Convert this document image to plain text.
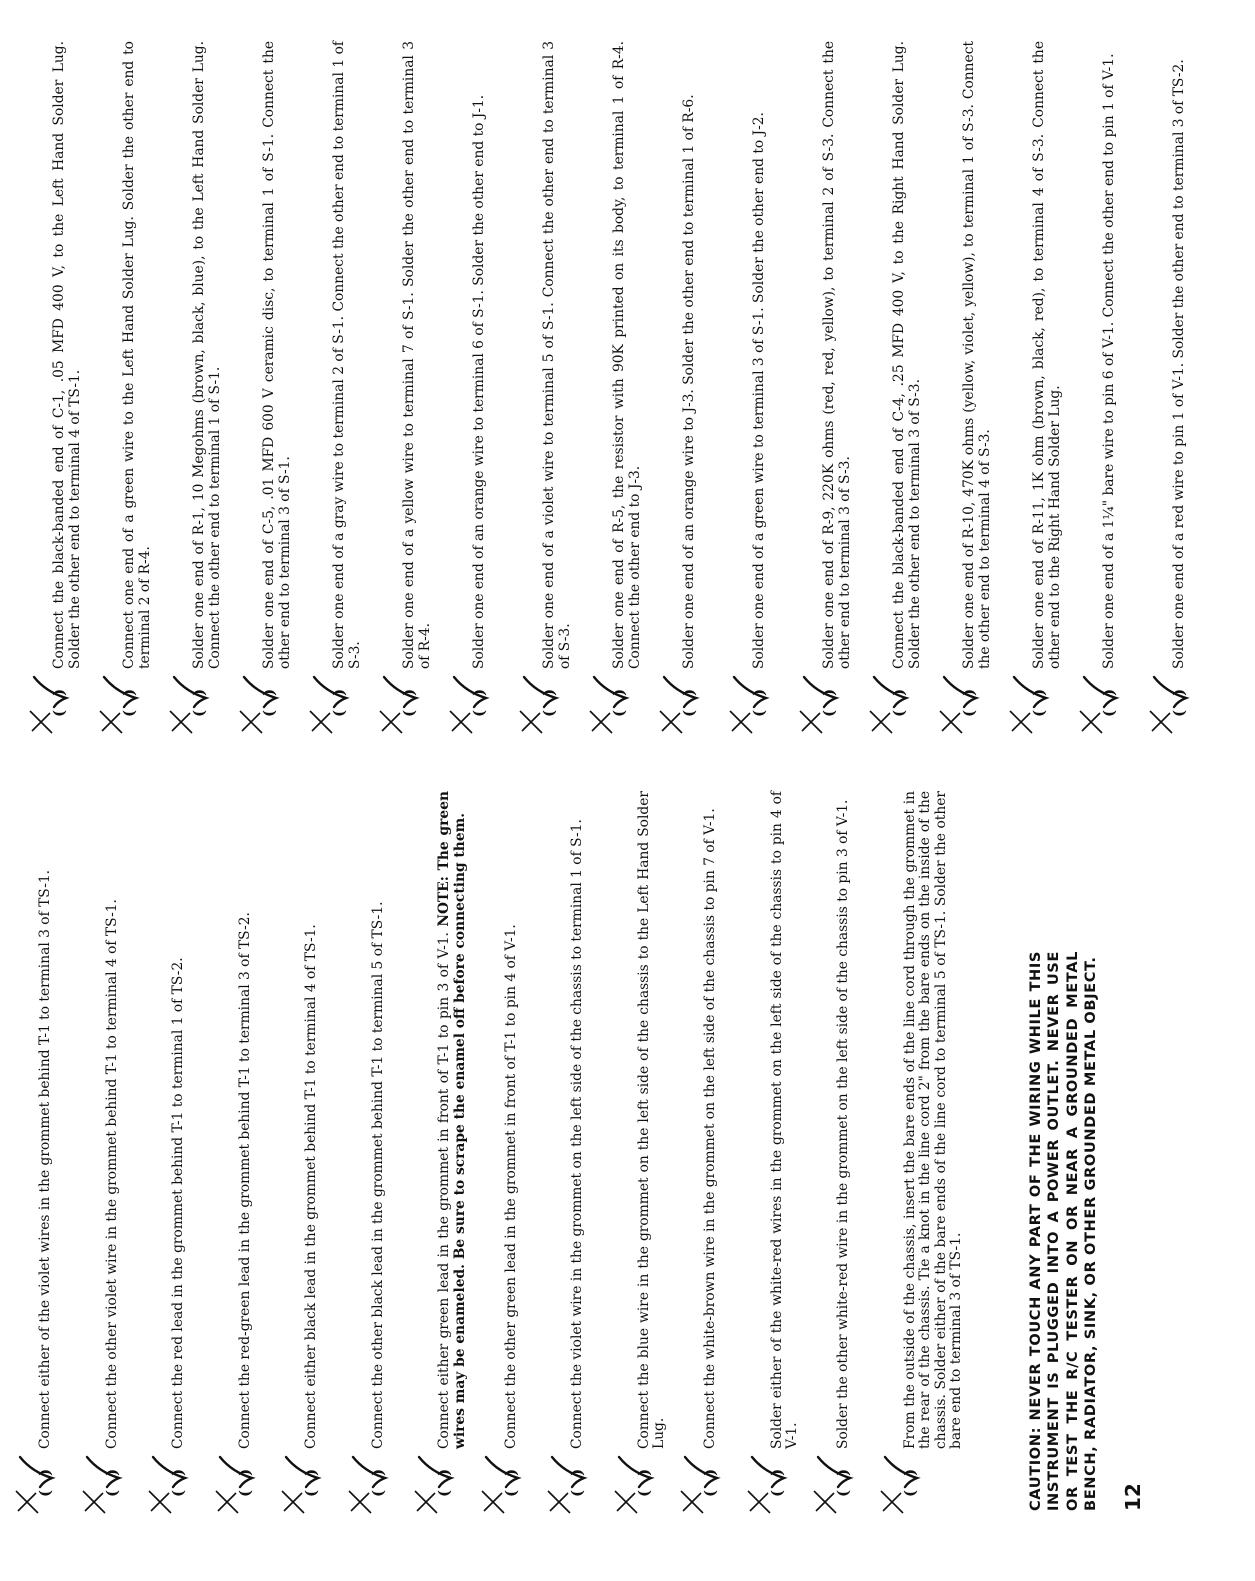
()
Connect either of the violet wires in the grommet behind T-1 to terminal 3 of TS-1.
()
Connect the other violet wire in the grommet behind T-1 to terminal 4 of TS-1.
()
Connect the red lead in the grommet behind T-1 to terminal 1 of TS-2.
()
Connect the red-green lead in the grommet behind T-1 to terminal 3 of TS-2.
()
Connect either black lead in the grommet behind T-1 to terminal 4 of TS-1.
()
Connect the other black lead in the grommet behind T-1 to terminal 5 of TS-1.
()
Connect either green lead in the grommet in front of T-1 to pin 3 of V-1. NOTE: The green wires may be enameled. Be sure to scrape the enamel off before connecting them.
()
Connect the other green lead in the grommet in front of T-1 to pin 4 of V-1.
()
Connect the violet wire in the grommet on the left side of the chassis to terminal 1 of S-1.
()
Connect the blue wire in the grommet on the left side of the chassis to the Left Hand Solder Lug.
()
Connect the white-brown wire in the grommet on the left side of the chassis to pin 7 of V-1.
()
Solder either of the white-red wires in the grommet on the left side of the chassis to pin 4 of V-1.
()
Solder the other white-red wire in the grommet on the left side of the chassis to pin 3 of V-1.
()
From the outside of the chassis, insert the bare ends of the line cord through the grommet in the rear of the chassis. Tie a knot in the line cord 2" from the bare ends on the inside of the chassis. Solder either of the bare ends of the line cord to terminal 5 of TS-1. Solder the other bare end to terminal 3 of TS-1.	CAUTION: NEVER TOUCH ANY PART OF THE WIRING WHILE THIS INSTRUMENT IS PLUGGED INTO A POWER OUTLET. NEVER USE OR TEST THE R/C TESTER ON OR NEAR A GROUNDED METAL BENCH, RADIATOR, SINK, OR OTHER GROUNDED METAL OBJECT. 12
()
Connect the black-banded end of C-1, .05 MFD 400 V, to the Left Hand Solder Lug. Solder the other end to terminal 4 of TS-1.
()
Connect one end of a green wire to the Left Hand Solder Lug. Solder the other end to terminal 2 of R-4.
()
Solder one end of R-1, 10 Megohms (brown, black, blue), to the Left Hand Solder Lug. Connect the other end to terminal 1 of S-1.
()
Solder one end of C-5, .01 MFD 600 V ceramic disc, to terminal 1 of S-1. Connect the other end to terminal 3 of S-1.
()
Solder one end of a gray wire to terminal 2 of S-1. Connect the other end to terminal 1 of S-3.
()
Solder one end of a yellow wire to terminal 7 of S-1. Solder the other end to terminal 3 of R-4.
()
Solder one end of an orange wire to terminal 6 of S-1. Solder the other end to J-1.
()
Solder one end of a violet wire to terminal 5 of S-1. Connect the other end to terminal 3 of S-3.
()
Solder one end of R-5, the resistor with 90K printed on its body, to terminal 1 of R-4. Connect the other end to J-3.
()
Solder one end of an orange wire to J-3. Solder the other end to terminal 1 of R-6.
()
Solder one end of a green wire to terminal 3 of S-1. Solder the other end to J-2.
()
Solder one end of R-9, 220K ohms (red, red, yellow), to terminal 2 of S-3. Connect the other end to terminal 3 of S-3.
()
Connect the black-banded end of C-4, .25 MFD 400 V, to the Right Hand Solder Lug. Solder the other end to terminal 3 of S-3.
()
Solder one end of R-10, 470K ohms (yellow, violet, yellow), to terminal 1 of S-3. Connect the other end to terminal 4 of S-3.
()
Solder one end of R-11, 1K ohm (brown, black, red), to terminal 4 of S-3. Connect the other end to the Right Hand Solder Lug.
()
Solder one end of a 1¼" bare wire to pin 6 of V-1. Connect the other end to pin 1 of V-1.
()
Solder one end of a red wire to pin 1 of V-1. Solder the other end to terminal 3 of TS-2.
